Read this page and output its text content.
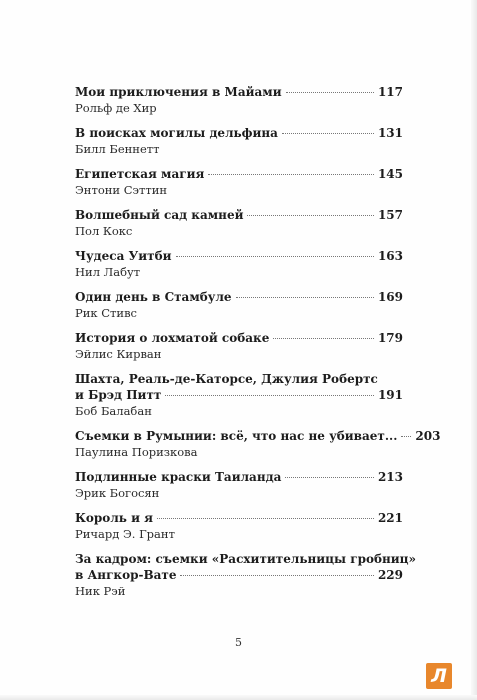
Мои приключения в Майами	117
Рольф де Хир
В поисках могилы дельфина	131
Билл Беннетт
Египетская магия	145
Энтони Сэттин
Волшебный сад камней	157
Пол Кокс
Чудеса Уитби	163
Нил Лабут
Один день в Стамбуле	169
Рик Стивс
История о лохматой собаке	179
Эйлис Кирван
Шахта, Реаль-де-Каторсе, Джулия Робертс
и Брэд Питт	191
Боб Балабан
Съемки в Румынии: всё, что нас не убивает... 203
Паулина Поризкова
Подлинные краски Таиланда	213
Эрик Богосян
Король и я	221
Ричард Э. Грант
За кадром: съемки «Расхитительницы гробниц»
в Ангкор-Вате	229
Ник Рэй
5
Л
